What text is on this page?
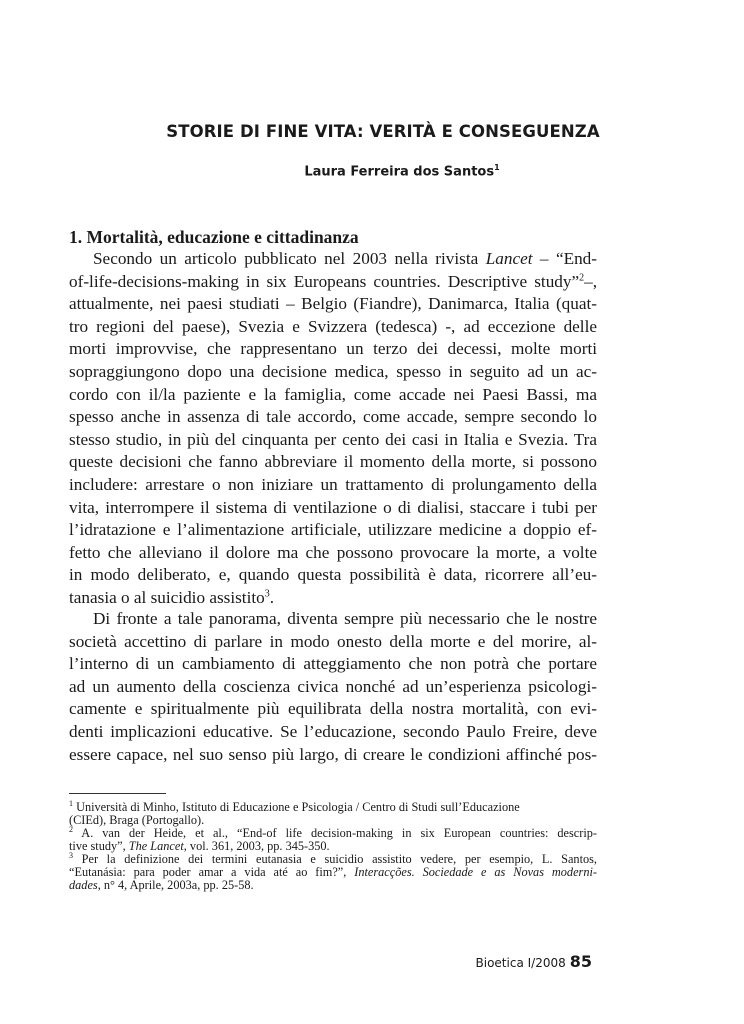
STORIE DI FINE VITA: VERITÀ E CONSEGUENZA
Laura Ferreira dos Santos$^1$
1. Mortalità, educazione e cittadinanza
Secondo un articolo pubblicato nel 2003 nella rivista Lancet – “End-
of-life-decisions-making in six Europeans countries. Descriptive study”$^2$–,
attualmente, nei paesi studiati – Belgio (Fiandre), Danimarca, Italia (quat-
tro regioni del paese), Svezia e Svizzera (tedesca) -, ad eccezione delle
morti improvvise, che rappresentano un terzo dei decessi, molte morti
sopraggiungono dopo una decisione medica, spesso in seguito ad un ac-
cordo con il/la paziente e la famiglia, come accade nei Paesi Bassi, ma
spesso anche in assenza di tale accordo, come accade, sempre secondo lo
stesso studio, in più del cinquanta per cento dei casi in Italia e Svezia. Tra
queste decisioni che fanno abbreviare il momento della morte, si possono
includere: arrestare o non iniziare un trattamento di prolungamento della
vita, interrompere il sistema di ventilazione o di dialisi, staccare i tubi per
l’idratazione e l’alimentazione artificiale, utilizzare medicine a doppio ef-
fetto che alleviano il dolore ma che possono provocare la morte, a volte
in modo deliberato, e, quando questa possibilità è data, ricorrere all’eu-
tanasia o al suicidio assistito$^3$.
Di fronte a tale panorama, diventa sempre più necessario che le nostre
società accettino di parlare in modo onesto della morte e del morire, al-
l’interno di un cambiamento di atteggiamento che non potrà che portare
ad un aumento della coscienza civica nonché ad un’esperienza psicologi-
camente e spiritualmente più equilibrata della nostra mortalità, con evi-
denti implicazioni educative. Se l’educazione, secondo Paulo Freire, deve
essere capace, nel suo senso più largo, di creare le condizioni affinché pos-
$^1$ Università di Minho, Istituto di Educazione e Psicologia / Centro di Studi sull’Educazione
(CIEd), Braga (Portogallo).
$^2$ A. van der Heide, et al., “End-of life decision-making in six European countries: descrip-
tive study”, The Lancet, vol. 361, 2003, pp. 345-350.
$^3$ Per la definizione dei termini eutanasia e suicidio assistito vedere, per esempio, L. Santos,
“Eutanásia: para poder amar a vida até ao fim?”, Interacções. Sociedade e as Novas moderni-
dades, n° 4, Aprile, 2003a, pp. 25-58.
Bioetica I/2008 85
